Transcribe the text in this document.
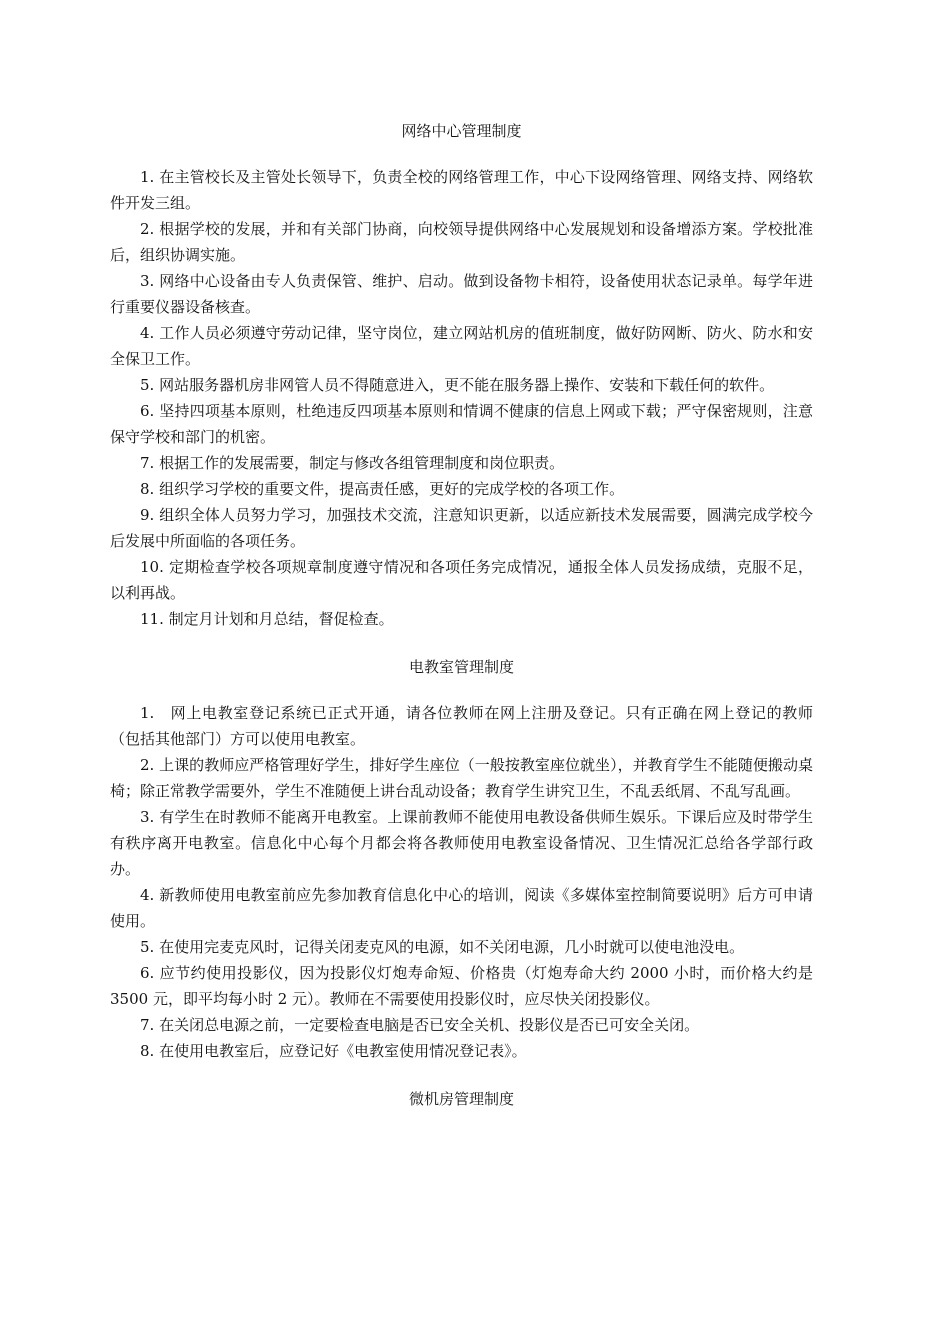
网络中心管理制度

1. 在主管校长及主管处长领导下，负责全校的网络管理工作，中心下设网络管理、网络支持、网络软件开发三组。

2. 根据学校的发展，并和有关部门协商，向校领导提供网络中心发展规划和设备增添方案。学校批准后，组织协调实施。

3. 网络中心设备由专人负责保管、维护、启动。做到设备物卡相符，设备使用状态记录单。每学年进行重要仪器设备核查。

4. 工作人员必须遵守劳动记律，坚守岗位，建立网站机房的值班制度，做好防网断、防火、防水和安全保卫工作。

5. 网站服务器机房非网管人员不得随意进入，更不能在服务器上操作、安装和下载任何的软件。

6. 坚持四项基本原则，杜绝违反四项基本原则和情调不健康的信息上网或下载；严守保密规则，注意保守学校和部门的机密。

7. 根据工作的发展需要，制定与修改各组管理制度和岗位职责。

8. 组织学习学校的重要文件，提高责任感，更好的完成学校的各项工作。

9. 组织全体人员努力学习，加强技术交流，注意知识更新，以适应新技术发展需要，圆满完成学校今后发展中所面临的各项任务。

10. 定期检查学校各项规章制度遵守情况和各项任务完成情况，通报全体人员发扬成绩，克服不足，以利再战。

11. 制定月计划和月总结，督促检查。

电教室管理制度

1.　网上电教室登记系统已正式开通，请各位教师在网上注册及登记。只有正确在网上登记的教师（包括其他部门）方可以使用电教室。

2. 上课的教师应严格管理好学生，排好学生座位（一般按教室座位就坐），并教育学生不能随便搬动桌椅；除正常教学需要外，学生不准随便上讲台乱动设备；教育学生讲究卫生，不乱丢纸屑、不乱写乱画。

3. 有学生在时教师不能离开电教室。上课前教师不能使用电教设备供师生娱乐。下课后应及时带学生有秩序离开电教室。信息化中心每个月都会将各教师使用电教室设备情况、卫生情况汇总给各学部行政办。

4. 新教师使用电教室前应先参加教育信息化中心的培训，阅读《多媒体室控制简要说明》后方可申请使用。

5. 在使用完麦克风时，记得关闭麦克风的电源，如不关闭电源，几小时就可以使电池没电。

6. 应节约使用投影仪，因为投影仪灯炮寿命短、价格贵（灯炮寿命大约 2000 小时，而价格大约是 3500 元，即平均每小时 2 元）。教师在不需要使用投影仪时，应尽快关闭投影仪。

7. 在关闭总电源之前，一定要检查电脑是否已安全关机、投影仪是否已可安全关闭。

8. 在使用电教室后，应登记好《电教室使用情况登记表》。

微机房管理制度
